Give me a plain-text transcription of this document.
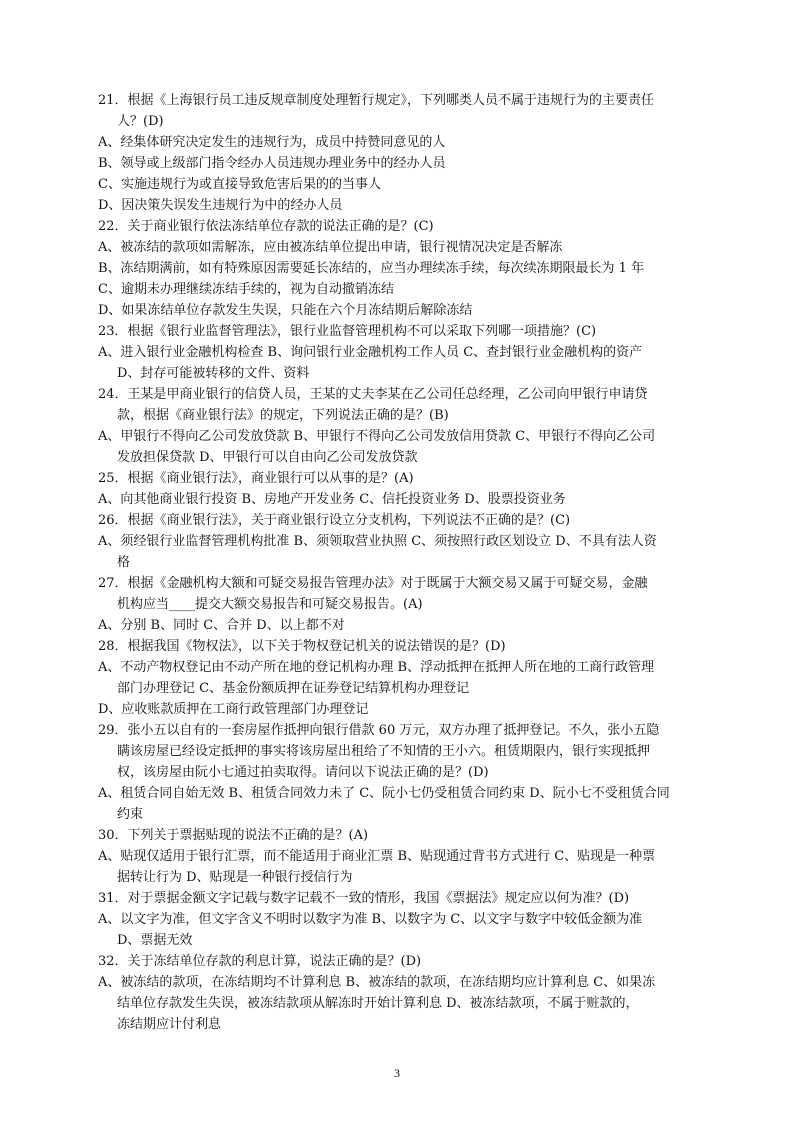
21．根据《上海银行员工违反规章制度处理暂行规定》，下列哪类人员不属于违规行为的主要责任
人？(D)
A、经集体研究决定发生的违规行为，成员中持赞同意见的人
B、领导或上级部门指令经办人员违规办理业务中的经办人员
C、实施违规行为或直接导致危害后果的的当事人
D、因决策失误发生违规行为中的经办人员
22．关于商业银行依法冻结单位存款的说法正确的是？(C)
A、被冻结的款项如需解冻，应由被冻结单位提出申请，银行视情况决定是否解冻
B、冻结期满前，如有特殊原因需要延长冻结的，应当办理续冻手续，每次续冻期限最长为 1 年
C、逾期未办理继续冻结手续的，视为自动撤销冻结
D、如果冻结单位存款发生失误，只能在六个月冻结期后解除冻结
23．根据《银行业监督管理法》，银行业监督管理机构不可以采取下列哪一项措施？(C)
A、进入银行业金融机构检查 B、询问银行业金融机构工作人员 C、查封银行业金融机构的资产
D、封存可能被转移的文件、资料
24．王某是甲商业银行的信贷人员，王某的丈夫李某在乙公司任总经理，乙公司向甲银行申请贷
款，根据《商业银行法》的规定，下列说法正确的是？(B)
A、甲银行不得向乙公司发放贷款 B、甲银行不得向乙公司发放信用贷款 C、甲银行不得向乙公司
发放担保贷款 D、甲银行可以自由向乙公司发放贷款
25．根据《商业银行法》，商业银行可以从事的是？(A)
A、向其他商业银行投资 B、房地产开发业务 C、信托投资业务 D、股票投资业务
26．根据《商业银行法》，关于商业银行设立分支机构，下列说法不正确的是？(C)
A、须经银行业监督管理机构批准 B、须领取营业执照 C、须按照行政区划设立 D、不具有法人资
格
27．根据《金融机构大额和可疑交易报告管理办法》对于既属于大额交易又属于可疑交易，金融
机构应当____提交大额交易报告和可疑交易报告。(A)
A、分别 B、同时 C、合并 D、以上都不对
28．根据我国《物权法》，以下关于物权登记机关的说法错误的是？(D)
A、不动产物权登记由不动产所在地的登记机构办理 B、浮动抵押在抵押人所在地的工商行政管理
部门办理登记 C、基金份额质押在证券登记结算机构办理登记
D、应收账款质押在工商行政管理部门办理登记
29．张小五以自有的一套房屋作抵押向银行借款 60 万元，双方办理了抵押登记。不久，张小五隐
瞒该房屋已经设定抵押的事实将该房屋出租给了不知情的王小六。租赁期限内，银行实现抵押
权，该房屋由阮小七通过拍卖取得。请问以下说法正确的是？(D)
A、租赁合同自始无效 B、租赁合同效力未了 C、阮小七仍受租赁合同约束 D、阮小七不受租赁合同
约束
30．下列关于票据贴现的说法不正确的是？(A)
A、贴现仅适用于银行汇票，而不能适用于商业汇票 B、贴现通过背书方式进行 C、贴现是一种票
据转让行为 D、贴现是一种银行授信行为
31．对于票据金额文字记载与数字记载不一致的情形，我国《票据法》规定应以何为准？(D)
A、以文字为准，但文字含义不明时以数字为准 B、以数字为 C、以文字与数字中较低金额为准
D、票据无效
32．关于冻结单位存款的利息计算，说法正确的是？(D)
A、被冻结的款项，在冻结期均不计算利息 B、被冻结的款项，在冻结期均应计算利息 C、如果冻
结单位存款发生失误，被冻结款项从解冻时开始计算利息 D、被冻结款项，不属于赃款的，
冻结期应计付利息
3
